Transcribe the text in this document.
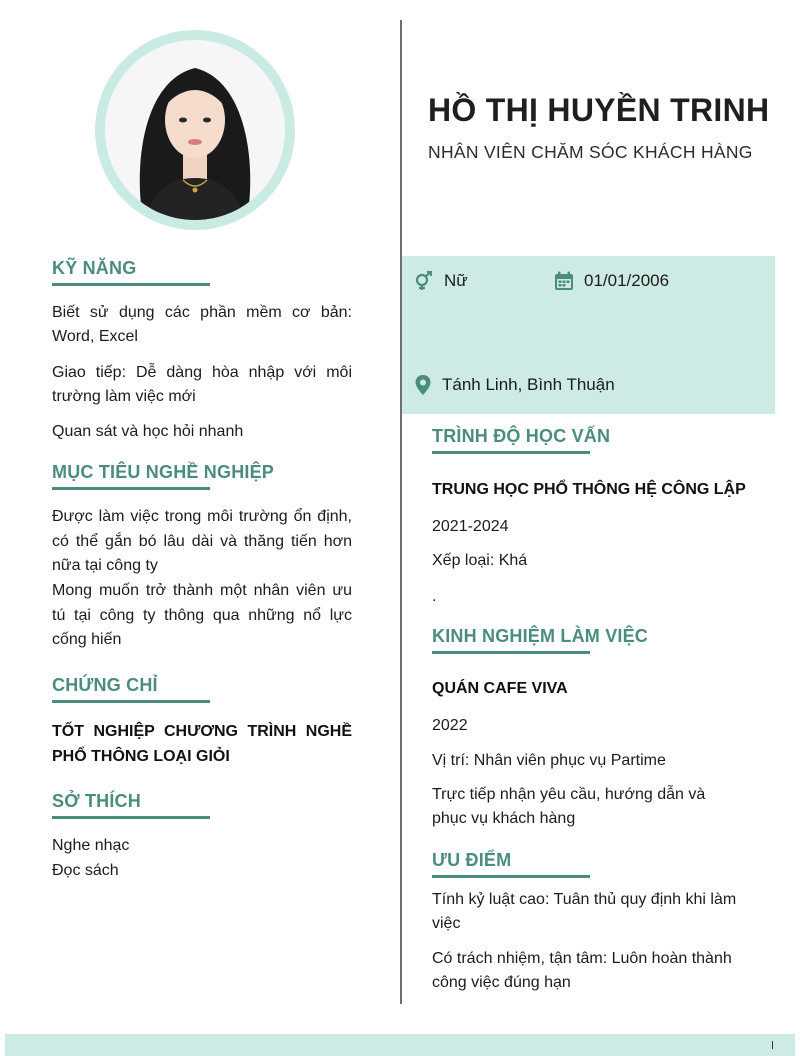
KỸ NĂNG
Biết sử dụng các phần mềm cơ bản: Word, Excel
Giao tiếp: Dễ dàng hòa nhập với môi trường làm việc mới
Quan sát và học hỏi nhanh
MỤC TIÊU NGHỀ NGHIỆP
Được làm việc trong môi trường ổn định, có thể gắn bó lâu dài và thăng tiến hơn nữa tại công ty
Mong muốn trở thành một nhân viên ưu tú tại công ty thông qua những nổ lực cống hiến
CHỨNG CHỈ
TỐT NGHIỆP CHƯƠNG TRÌNH NGHỀ PHỔ THÔNG LOẠI GIỎI
SỞ THÍCH
Nghe nhạc
Đọc sách
HỒ THỊ HUYỀN TRINH
NHÂN VIÊN CHĂM SÓC KHÁCH HÀNG
Nữ	01/01/2006
Tánh Linh, Bình Thuận
TRÌNH ĐỘ HỌC VẤN
TRUNG HỌC PHỔ THÔNG HỆ CÔNG LẬP
2021-2024
Xếp loại: Khá
.
KINH NGHIỆM LÀM VIỆC
QUÁN CAFE VIVA
2022
Vị trí: Nhân viên phục vụ Partime
Trực tiếp nhận yêu cầu, hướng dẫn và phục vụ khách hàng
ƯU ĐIỂM
Tính kỷ luật cao: Tuân thủ quy định khi làm việc
Có trách nhiệm, tận tâm: Luôn hoàn thành công việc đúng hạn
